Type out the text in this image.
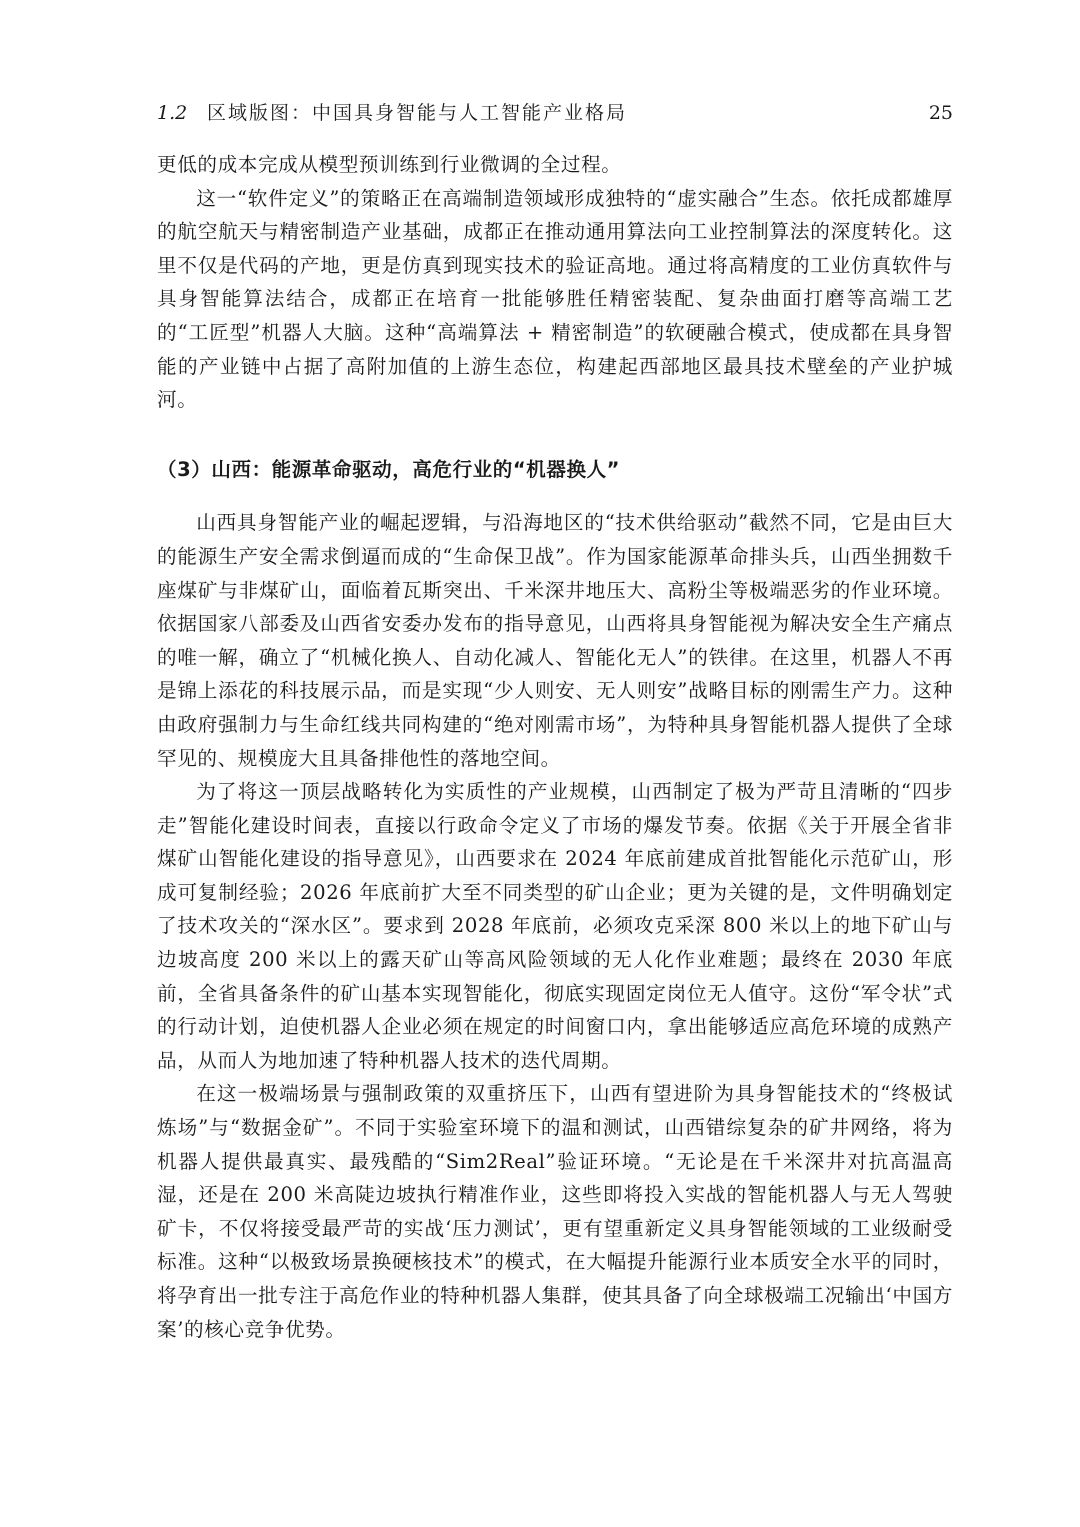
1.2 区域版图：中国具身智能与人工智能产业格局	25

更低的成本完成从模型预训练到行业微调的全过程。

这一“软件定义”的策略正在高端制造领域形成独特的“虚实融合”生态。依托成都雄厚的航空航天与精密制造产业基础，成都正在推动通用算法向工业控制算法的深度转化。这里不仅是代码的产地，更是仿真到现实技术的验证高地。通过将高精度的工业仿真软件与具身智能算法结合，成都正在培育一批能够胜任精密装配、复杂曲面打磨等高端工艺的“工匠型”机器人大脑。这种“高端算法 + 精密制造”的软硬融合模式，使成都在具身智能的产业链中占据了高附加值的上游生态位，构建起西部地区最具技术壁垒的产业护城河。

（3）山西：能源革命驱动，高危行业的“机器换人”

山西具身智能产业的崛起逻辑，与沿海地区的“技术供给驱动”截然不同，它是由巨大的能源生产安全需求倒逼而成的“生命保卫战”。作为国家能源革命排头兵，山西坐拥数千座煤矿与非煤矿山，面临着瓦斯突出、千米深井地压大、高粉尘等极端恶劣的作业环境。依据国家八部委及山西省安委办发布的指导意见，山西将具身智能视为解决安全生产痛点的唯一解，确立了“机械化换人、自动化减人、智能化无人”的铁律。在这里，机器人不再是锦上添花的科技展示品，而是实现“少人则安、无人则安”战略目标的刚需生产力。这种由政府强制力与生命红线共同构建的“绝对刚需市场”，为特种具身智能机器人提供了全球罕见的、规模庞大且具备排他性的落地空间。

为了将这一顶层战略转化为实质性的产业规模，山西制定了极为严苛且清晰的“四步走”智能化建设时间表，直接以行政命令定义了市场的爆发节奏。依据《关于开展全省非煤矿山智能化建设的指导意见》，山西要求在 2024 年底前建成首批智能化示范矿山，形成可复制经验；2026 年底前扩大至不同类型的矿山企业；更为关键的是，文件明确划定了技术攻关的“深水区”。要求到 2028 年底前，必须攻克采深 800 米以上的地下矿山与边坡高度 200 米以上的露天矿山等高风险领域的无人化作业难题；最终在 2030 年底前，全省具备条件的矿山基本实现智能化，彻底实现固定岗位无人值守。这份“军令状”式的行动计划，迫使机器人企业必须在规定的时间窗口内，拿出能够适应高危环境的成熟产品，从而人为地加速了特种机器人技术的迭代周期。

在这一极端场景与强制政策的双重挤压下，山西有望进阶为具身智能技术的“终极试炼场”与“数据金矿”。不同于实验室环境下的温和测试，山西错综复杂的矿井网络，将为机器人提供最真实、最残酷的“Sim2Real”验证环境。“无论是在千米深井对抗高温高湿，还是在 200 米高陡边坡执行精准作业，这些即将投入实战的智能机器人与无人驾驶矿卡，不仅将接受最严苛的实战‘压力测试’，更有望重新定义具身智能领域的工业级耐受标准。这种“以极致场景换硬核技术”的模式，在大幅提升能源行业本质安全水平的同时，将孕育出一批专注于高危作业的特种机器人集群，使其具备了向全球极端工况输出‘中国方案’的核心竞争优势。
